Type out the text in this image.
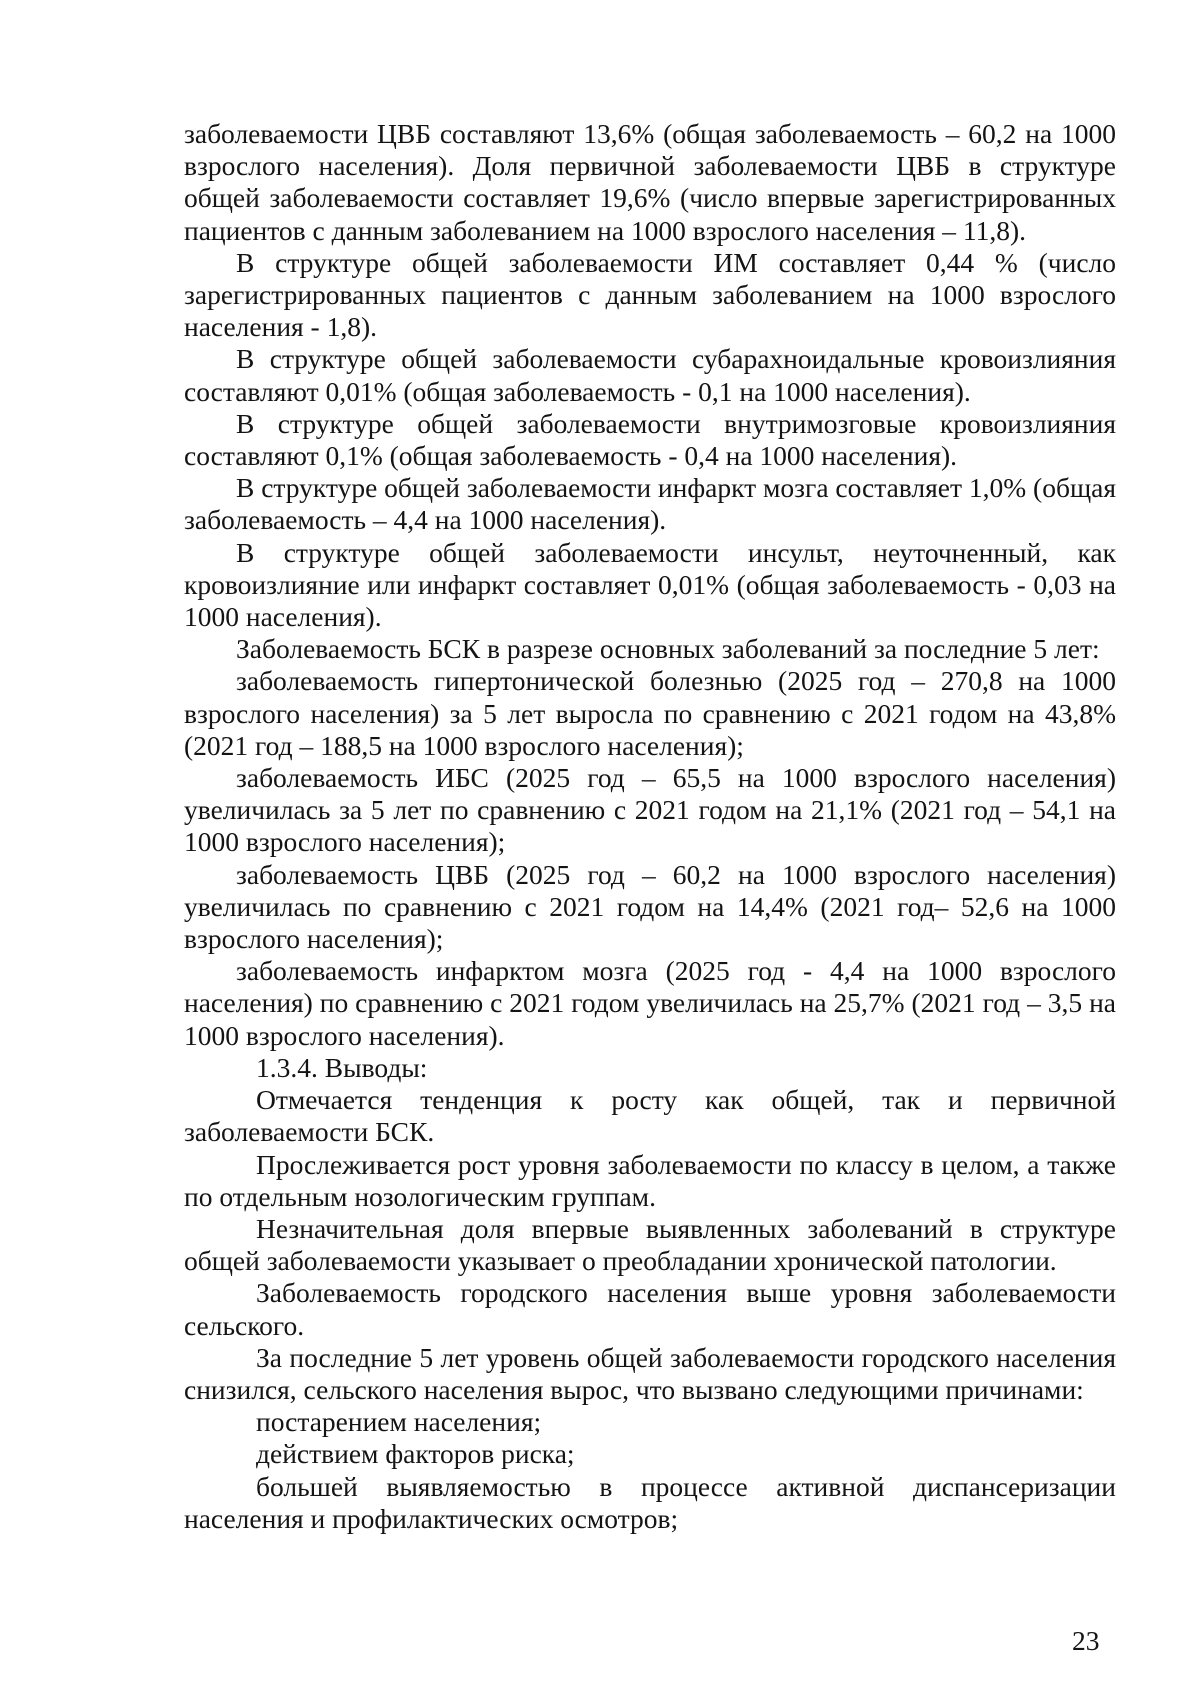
заболеваемости ЦВБ составляют 13,6% (общая заболеваемость – 60,2 на 1000 взрослого населения). Доля первичной заболеваемости ЦВБ в структуре общей заболеваемости составляет 19,6% (число впервые зарегистрированных пациентов с данным заболеванием на 1000 взрослого населения – 11,8).

В структуре общей заболеваемости ИМ составляет 0,44 % (число зарегистрированных пациентов с данным заболеванием на 1000 взрослого населения - 1,8).

В структуре общей заболеваемости субарахноидальные кровоизлияния составляют 0,01% (общая заболеваемость - 0,1 на 1000 населения).

В структуре общей заболеваемости внутримозговые кровоизлияния составляют 0,1% (общая заболеваемость - 0,4 на 1000 населения).

В структуре общей заболеваемости инфаркт мозга составляет 1,0% (общая заболеваемость – 4,4 на 1000 населения).

В структуре общей заболеваемости инсульт, неуточненный, как кровоизлияние или инфаркт составляет 0,01% (общая заболеваемость - 0,03 на 1000 населения).

Заболеваемость БСК в разрезе основных заболеваний за последние 5 лет:

заболеваемость гипертонической болезнью (2025 год – 270,8 на 1000 взрослого населения) за 5 лет выросла по сравнению с 2021 годом на 43,8% (2021 год – 188,5 на 1000 взрослого населения);

заболеваемость ИБС (2025 год – 65,5 на 1000 взрослого населения) увеличилась за 5 лет по сравнению с 2021 годом на 21,1% (2021 год – 54,1 на 1000 взрослого населения);

заболеваемость ЦВБ (2025 год – 60,2 на 1000 взрослого населения) увеличилась по сравнению с 2021 годом на 14,4% (2021 год– 52,6 на 1000 взрослого населения);

заболеваемость инфарктом мозга (2025 год - 4,4 на 1000 взрослого населения) по сравнению с 2021 годом увеличилась на 25,7% (2021 год – 3,5 на 1000 взрослого населения).

1.3.4. Выводы:

Отмечается тенденция к росту как общей, так и первичной заболеваемости БСК.

Прослеживается рост уровня заболеваемости по классу в целом, а также по отдельным нозологическим группам.

Незначительная доля впервые выявленных заболеваний в структуре общей заболеваемости указывает о преобладании хронической патологии.

Заболеваемость городского населения выше уровня заболеваемости сельского.

За последние 5 лет уровень общей заболеваемости городского населения снизился, сельского населения вырос, что вызвано следующими причинами:

постарением населения;

действием факторов риска;

большей выявляемостью в процессе активной диспансеризации населения и профилактических осмотров;

23
